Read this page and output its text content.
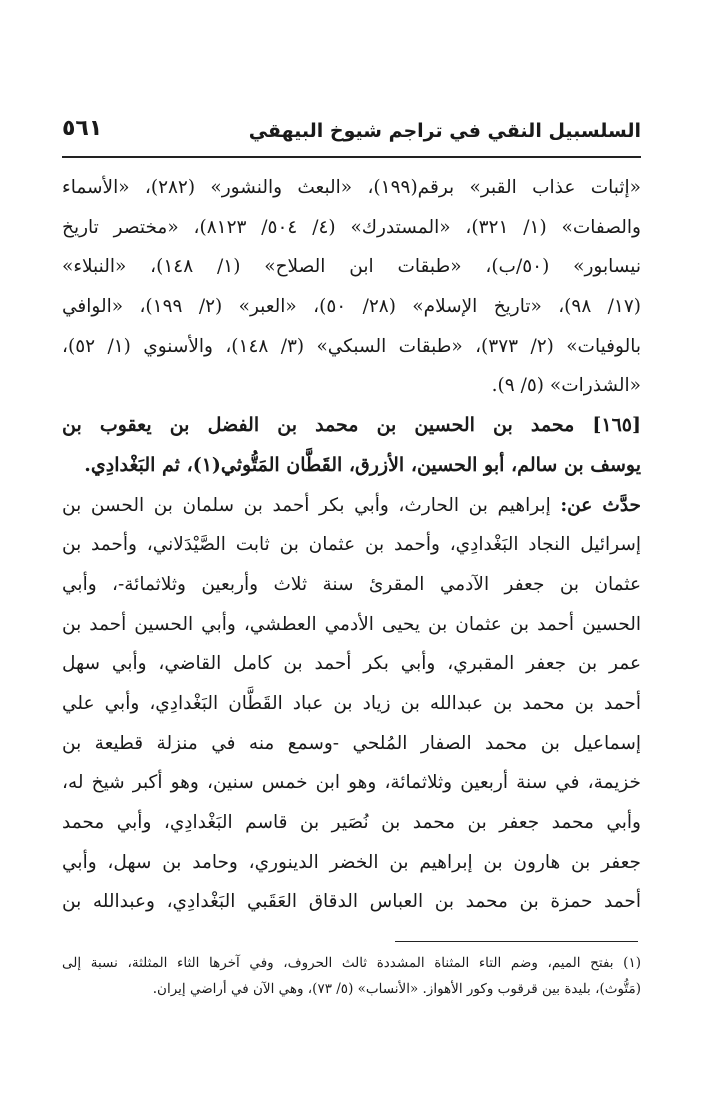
السلسبيل النقي في تراجم شيوخ البيهقي
٥٦١
«إثبات عذاب القبر» برقم(١٩٩)، «البعث والنشور» (٢٨٢)، «الأسماء
والصفات» (١/ ٣٢١)، «المستدرك» (٤/ ٥٠٤/ ٨١٢٣)، «مختصر تاريخ
نيسابور» (٥٠/ب)، «طبقات ابن الصلاح» (١/ ١٤٨)، «النبلاء»
(١٧/ ٩٨)، «تاريخ الإسلام» (٢٨/ ٥٠)، «العبر» (٢/ ١٩٩)، «الوافي
بالوفيات» (٢/ ٣٧٣)، «طبقات السبكي» (٣/ ١٤٨)، والأسنوي (١/ ٥٢)،
«الشذرات» (٥/ ٩).
[١٦٥] محمد بن الحسين بن محمد بن الفضل بن يعقوب بن
يوسف بن سالم، أبو الحسين، الأزرق، القَطَّان المَتُّوثي(١)، ثم البَغْدادِي.
حدَّث عن: إبراهيم بن الحارث، وأبي بكر أحمد بن سلمان بن الحسن بن
إسرائيل النجاد البَغْدادِي، وأحمد بن عثمان بن ثابت الصَّيْدَلاني، وأحمد بن
عثمان بن جعفر الآدمي المقرئ سنة ثلاث وأربعين وثلاثمائة-، وأبي
الحسين أحمد بن عثمان بن يحيى الأدمي العطشي، وأبي الحسين أحمد بن
عمر بن جعفر المقبري، وأبي بكر أحمد بن كامل القاضي، وأبي سهل
أحمد بن محمد بن عبدالله بن زياد بن عباد القَطَّان البَغْدادِي، وأبي علي
إسماعيل بن محمد الصفار المُلحي -وسمع منه في منزلة قطيعة بن
خزيمة، في سنة أربعين وثلاثمائة، وهو ابن خمس سنين، وهو أكبر شيخ له،
وأبي محمد جعفر بن محمد بن نُصَير بن قاسم البَغْدادِي، وأبي محمد
جعفر بن هارون بن إبراهيم بن الخضر الدينوري، وحامد بن سهل، وأبي
أحمد حمزة بن محمد بن العباس الدقاق العَقَبي البَغْدادِي، وعبدالله بن
(١) بفتح الميم، وضم التاء المثناة المشددة ثالث الحروف، وفي آخرها الثاء المثلثة، نسبة إلى
(مَتُّوث)، بليدة بين قرقوب وكور الأهواز. «الأنساب» (٥/ ٧٣)، وهي الآن في أراضي إيران.
